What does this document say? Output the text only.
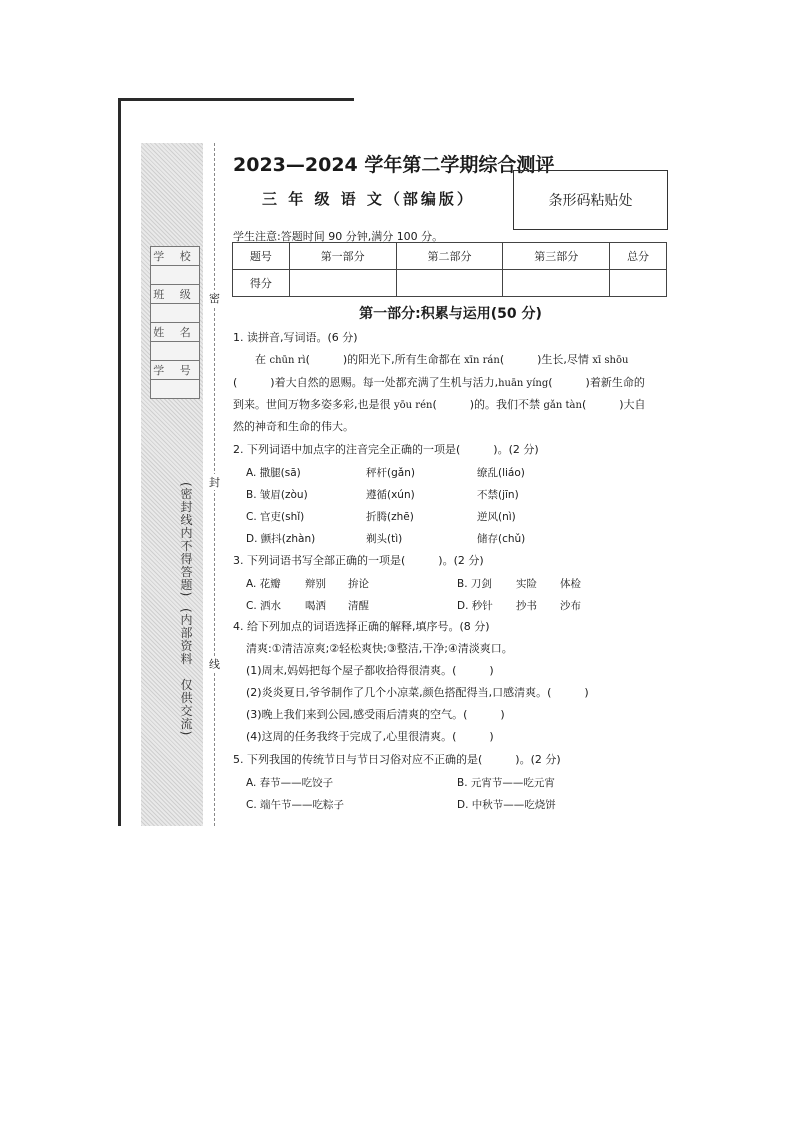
学 校

班 级

姓 名

学 号

(密封线内不得答题)
(内部资料　仅供交流)
密
封
线
2023—2024 学年第二学期综合测评
三 年 级 语 文（部编版）	条形码粘贴处
学生注意:答题时间 90 分钟,满分 100 分。
题号	第一部分	第二部分	第三部分	总分
得分				
第一部分:积累与运用(50 分)
1. 读拼音,写词语。(6 分)
在 chūn rì(　　　)的阳光下,所有生命都在 xīn rán(　　　)生长,尽情 xī shōu
(　　　)着大自然的恩赐。每一处都充满了生机与活力,huān yíng(　　　)着新生命的
到来。世间万物多姿多彩,也是很 yōu rén(　　　)的。我们不禁 gǎn tàn(　　　)大自
然的神奇和生命的伟大。
2. 下列词语中加点字的注音完全正确的一项是(　　　)。(2 分)
A. 撒腿(sā)	秤杆(gǎn)	缭乱(liáo)
B. 皱眉(zòu)	遵循(xún)	不禁(jīn)
C. 官吏(shǐ)	折腾(zhē)	逆风(nì)
D. 颤抖(zhàn)	剃头(tì)	储存(chǔ)
3. 下列词语书写全部正确的一项是(　　　)。(2 分)
A. 花瓣 辩别 拚论	B. 刀剑 实险 体检
C. 洒水 喝洒 清醒	D. 秒针 抄书 沙布
4. 给下列加点的词语选择正确的解释,填序号。(8 分)
清爽:①清洁凉爽;②轻松爽快;③整洁,干净;④清淡爽口。
(1)周末,妈妈把每个屋子都收拾得很清爽。(　　　)
(2)炎炎夏日,爷爷制作了几个小凉菜,颜色搭配得当,口感清爽。(　　　)
(3)晚上我们来到公园,感受雨后清爽的空气。(　　　)
(4)这周的任务我终于完成了,心里很清爽。(　　　)
5. 下列我国的传统节日与节日习俗对应不正确的是(　　　)。(2 分)
A. 春节——吃饺子	B. 元宵节——吃元宵
C. 端午节——吃粽子	D. 中秋节——吃烧饼
